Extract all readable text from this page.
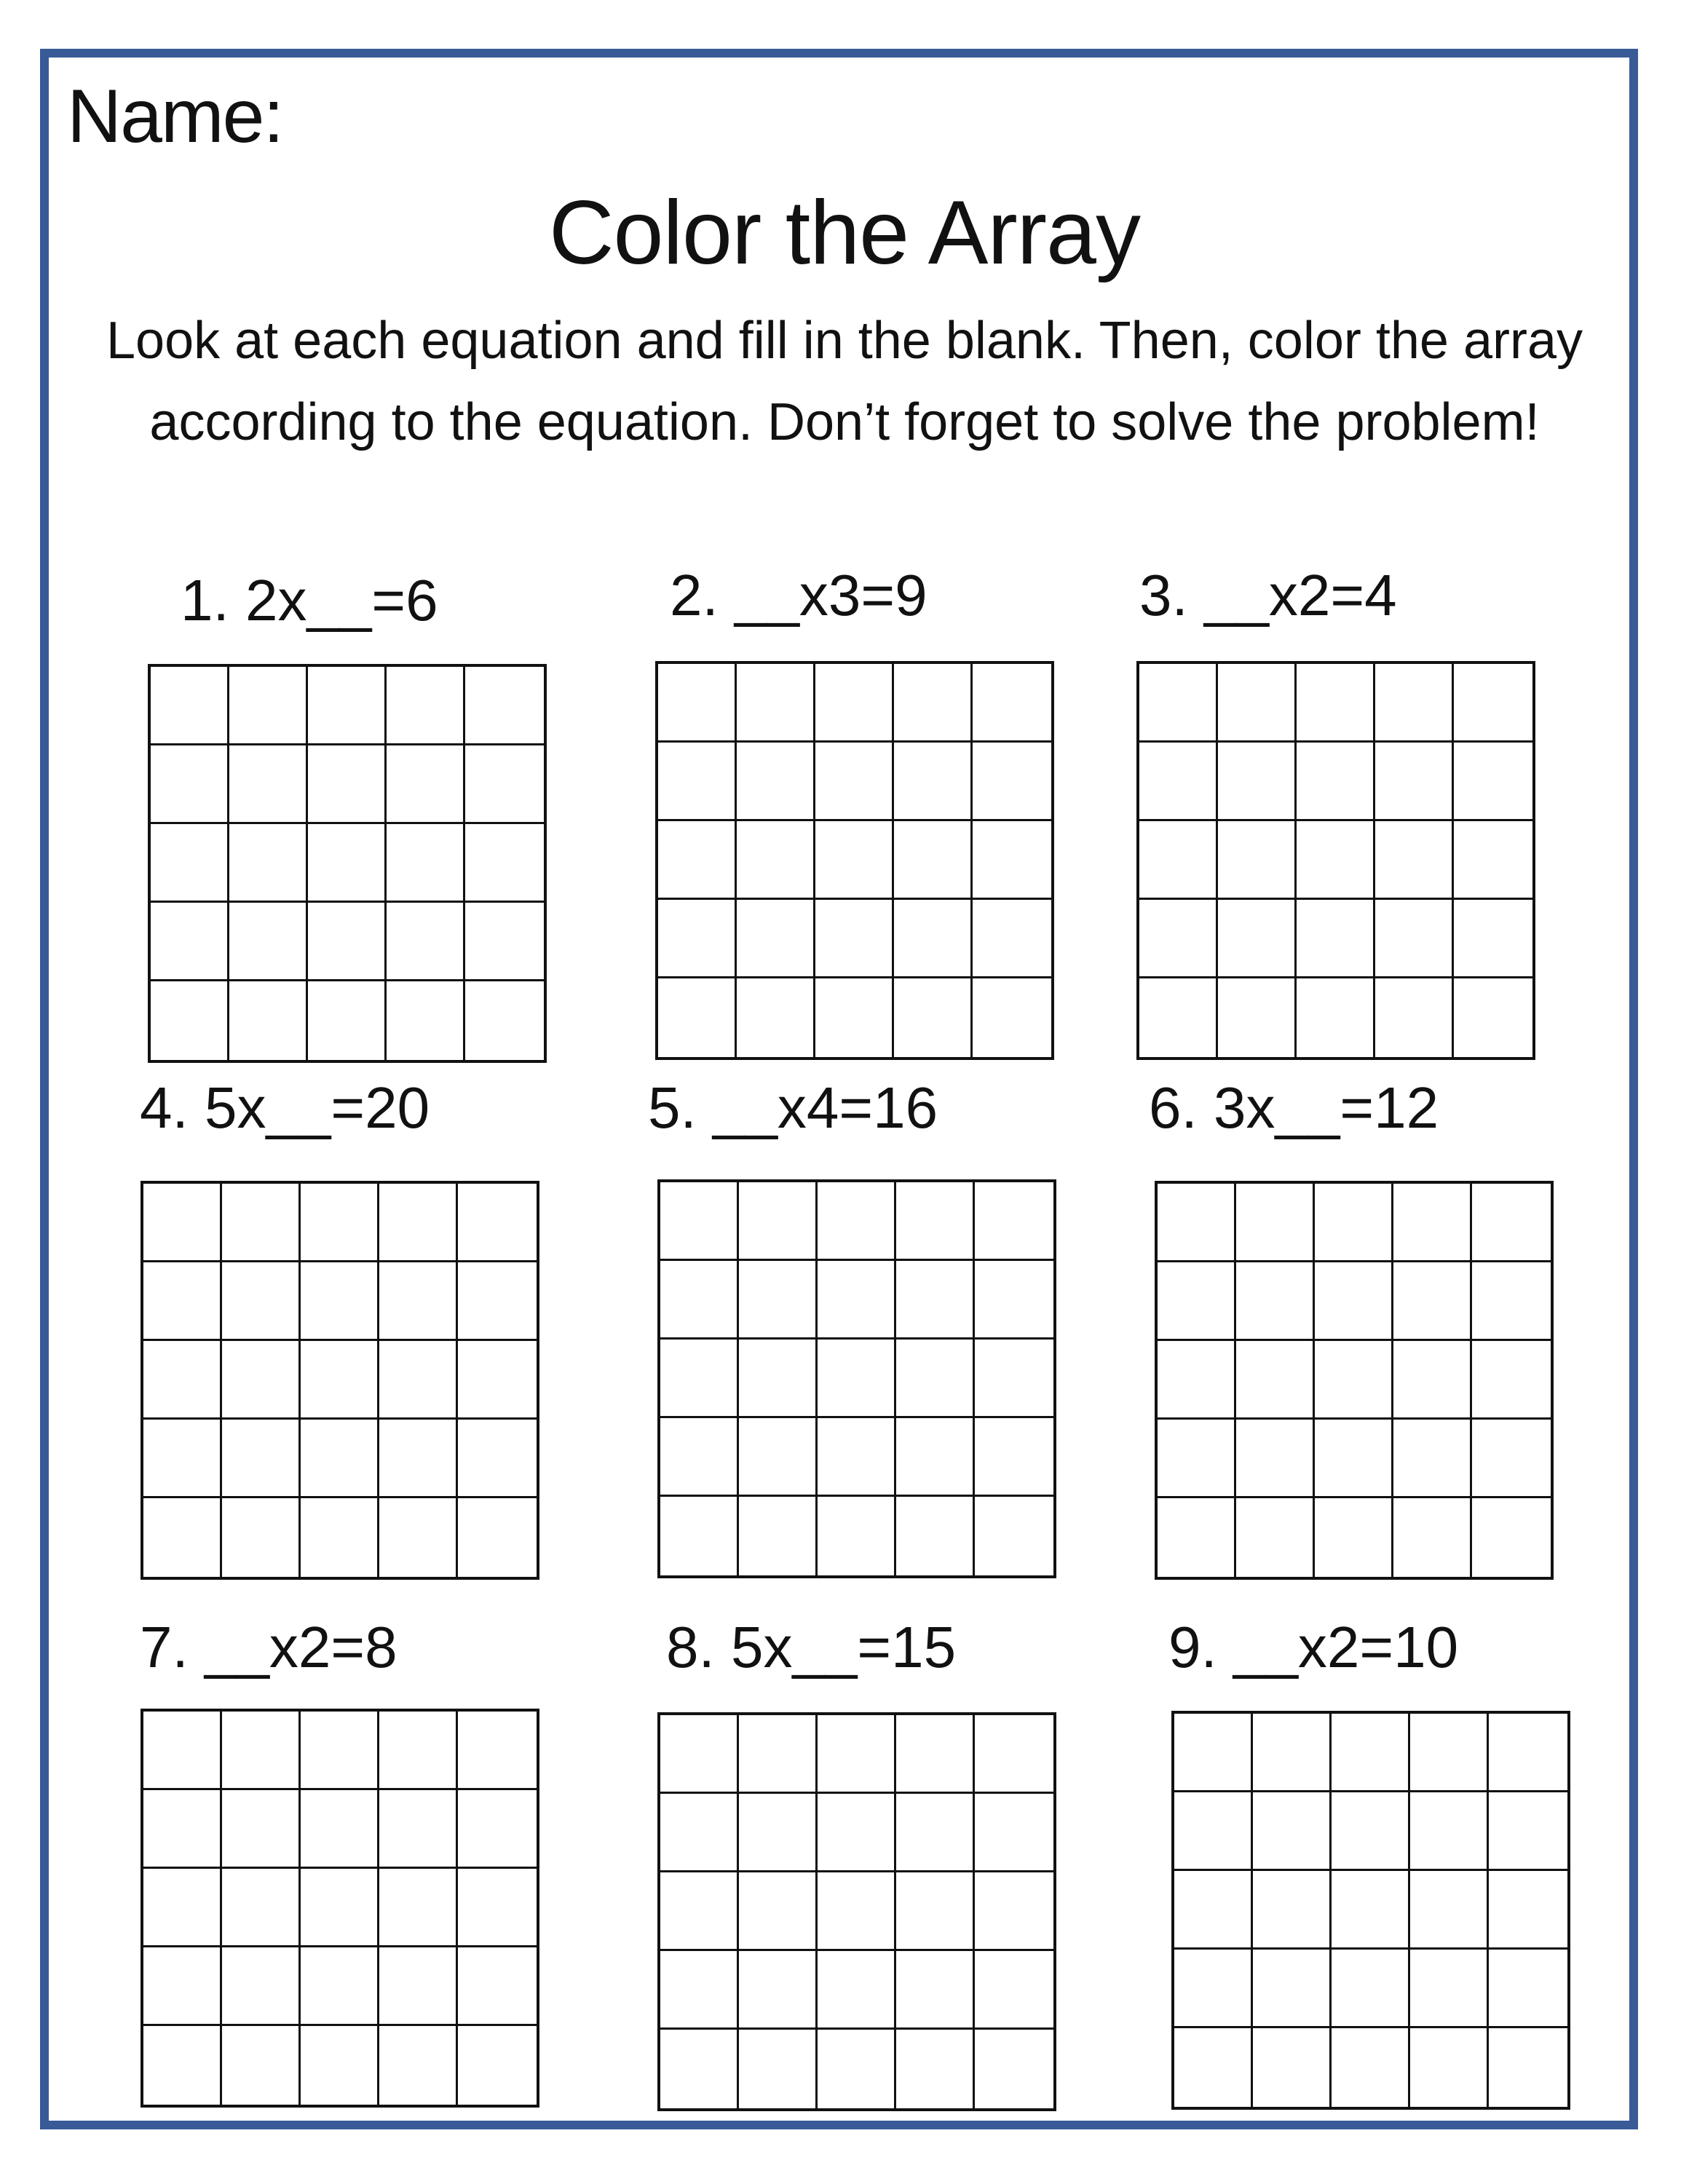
Name:
Color the Array
Look at each equation and fill in the blank. Then, color the array
according to the equation. Don’t forget to solve the problem!
1. 2x__=6	2. __x3=9	3. __x2=4
4. 5x__=20	5. __x4=16	6. 3x__=12
7. __x2=8	8. 5x__=15	9. __x2=10
